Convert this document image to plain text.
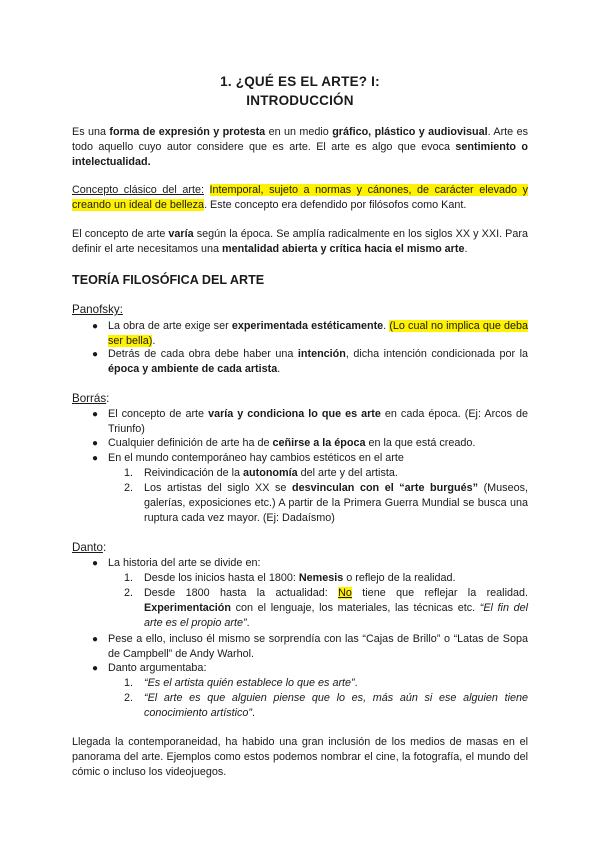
1. ¿QUÉ ES EL ARTE? I:
INTRODUCCIÓN
Es una forma de expresión y protesta en un medio gráfico, plástico y audiovisual. Arte es todo aquello cuyo autor considere que es arte. El arte es algo que evoca sentimiento o intelectualidad.
Concepto clásico del arte: Intemporal, sujeto a normas y cánones, de carácter elevado y creando un ideal de belleza. Este concepto era defendido por filósofos como Kant.
El concepto de arte varía según la época. Se amplía radicalmente en los siglos XX y XXI. Para definir el arte necesitamos una mentalidad abierta y crítica hacia el mismo arte.
TEORÍA FILOSÓFICA DEL ARTE
Panofsky:
● La obra de arte exige ser experimentada estéticamente. (Lo cual no implica que deba ser bella).
● Detrás de cada obra debe haber una intención, dicha intención condicionada por la época y ambiente de cada artista.
Borrás:
● El concepto de arte varía y condiciona lo que es arte en cada época. (Ej: Arcos de Triunfo)
● Cualquier definición de arte ha de ceñirse a la época en la que está creado.
● En el mundo contemporáneo hay cambios estéticos en el arte
1.	Reivindicación de la autonomía del arte y del artista.
2.	Los artistas del siglo XX se desvinculan con el “arte burgués” (Museos, galerías, exposiciones etc.) A partir de la Primera Guerra Mundial se busca una ruptura cada vez mayor. (Ej: Dadaísmo)
Danto:
● La historia del arte se divide en:
1.	Desde los inicios hasta el 1800: Nemesis o reflejo de la realidad.
2.	Desde 1800 hasta la actualidad: No tiene que reflejar la realidad. Experimentación con el lenguaje, los materiales, las técnicas etc. “El fin del arte es el propio arte”.
● Pese a ello, incluso él mismo se sorprendía con las “Cajas de Brillo” o “Latas de Sopa de Campbell” de Andy Warhol.
● Danto argumentaba:
1.	“Es el artista quién establece lo que es arte”.
2.	“El arte es que alguien piense que lo es, más aún si ese alguien tiene conocimiento artístico”.
Llegada la contemporaneidad, ha habido una gran inclusión de los medios de masas en el panorama del arte. Ejemplos como estos podemos nombrar el cine, la fotografía, el mundo del cómic o incluso los videojuegos.
